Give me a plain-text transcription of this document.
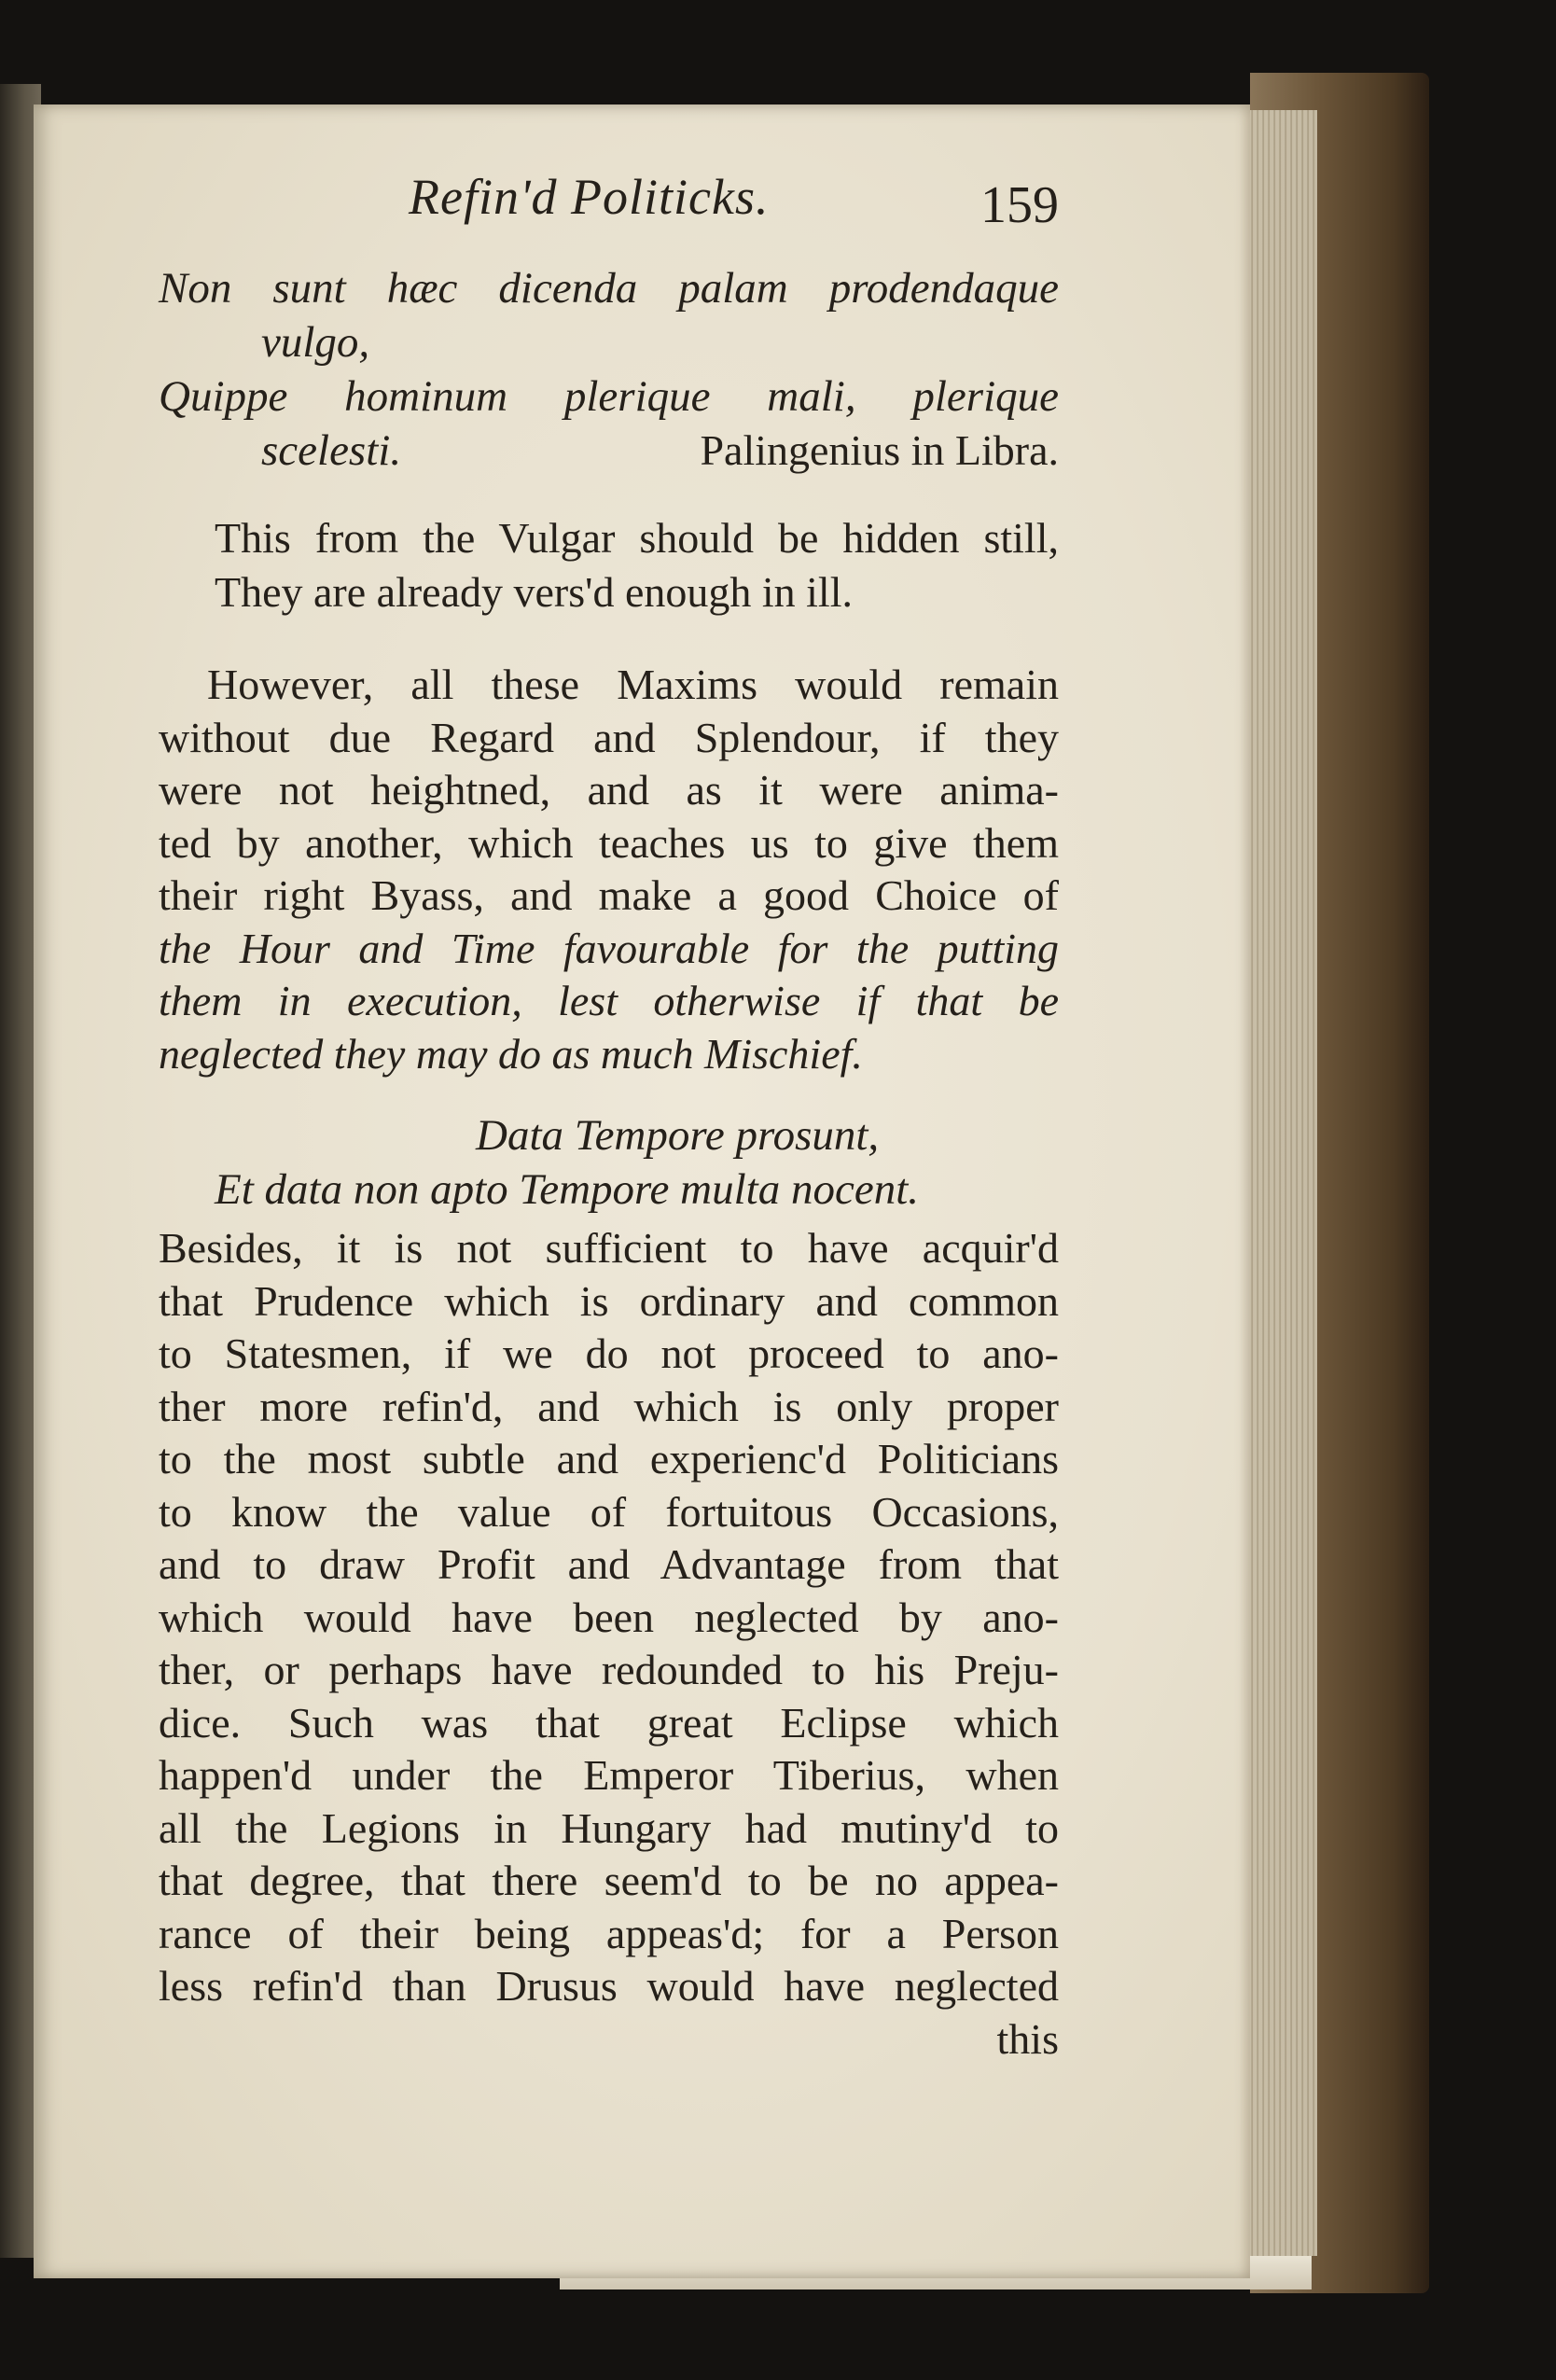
Refin'd Politicks.	159

Non sunt hæc dicenda palam prodendaque

vulgo,

Quippe hominum plerique mali, plerique

scelesti.	Palingenius in Libra.

This from the Vulgar should be hidden still,

They are already vers'd enough in ill.

However, all these Maxims would remain

without due Regard and Splendour, if they

were not heightned, and as it were anima-

ted by another, which teaches us to give them

their right Byass, and make a good Choice of

the Hour and Time favourable for the putting

them in execution, lest otherwise if that be

neglected they may do as much Mischief.

Data Tempore prosunt,

Et data non apto Tempore multa nocent.

Besides, it is not sufficient to have acquir'd

that Prudence which is ordinary and common

to Statesmen, if we do not proceed to ano-

ther more refin'd, and which is only proper

to the most subtle and experienc'd Politicians

to know the value of fortuitous Occasions,

and to draw Profit and Advantage from that

which would have been neglected by ano-

ther, or perhaps have redounded to his Preju-

dice. Such was that great Eclipse which

happen'd under the Emperor Tiberius, when

all the Legions in Hungary had mutiny'd to

that degree, that there seem'd to be no appea-

rance of their being appeas'd; for a Person

less refin'd than Drusus would have neglected

this
